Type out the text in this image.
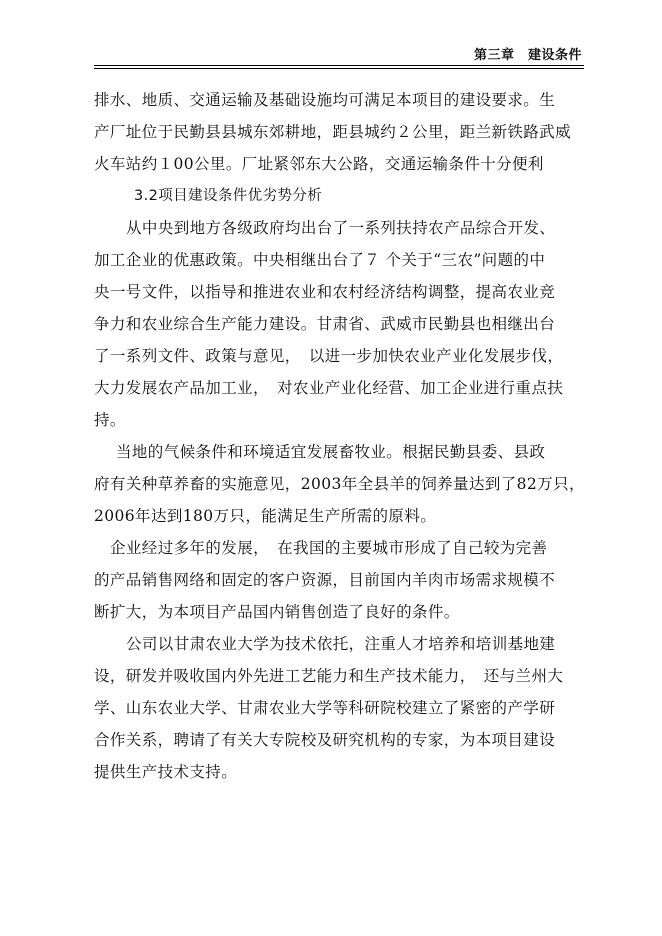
第三章　建设条件
排水、地质、交通运输及基础设施均可满足本项目的建设要求。生
产厂址位于民勤县县城东郊耕地，距县城约２公里，距兰新铁路武威
火车站约１00公里。厂址紧邻东大公路，交通运输条件十分便利
3.2项目建设条件优劣势分析
从中央到地方各级政府均出台了一系列扶持农产品综合开发、
加工企业的优惠政策。中央相继出台了７ 个关于“三农”问题的中
央一号文件，以指导和推进农业和农村经济结构调整，提高农业竞
争力和农业综合生产能力建设。甘肃省、武威市民勤县也相继出台
了一系列文件、政策与意见，　以进一步加快农业产业化发展步伐，
大力发展农产品加工业，　对农业产业化经营、加工企业进行重点扶
持。
当地的气候条件和环境适宜发展畜牧业。根据民勤县委、县政
府有关种草养畜的实施意见，2003年全县羊的饲养量达到了82万只，
2006年达到180万只，能满足生产所需的原料。
企业经过多年的发展，　在我国的主要城市形成了自己较为完善
的产品销售网络和固定的客户资源，目前国内羊肉市场需求规模不
断扩大，为本项目产品国内销售创造了良好的条件。
公司以甘肃农业大学为技术依托，注重人才培养和培训基地建
设，研发并吸收国内外先进工艺能力和生产技术能力，　还与兰州大
学、山东农业大学、甘肃农业大学等科研院校建立了紧密的产学研
合作关系，聘请了有关大专院校及研究机构的专家，为本项目建设
提供生产技术支持。
